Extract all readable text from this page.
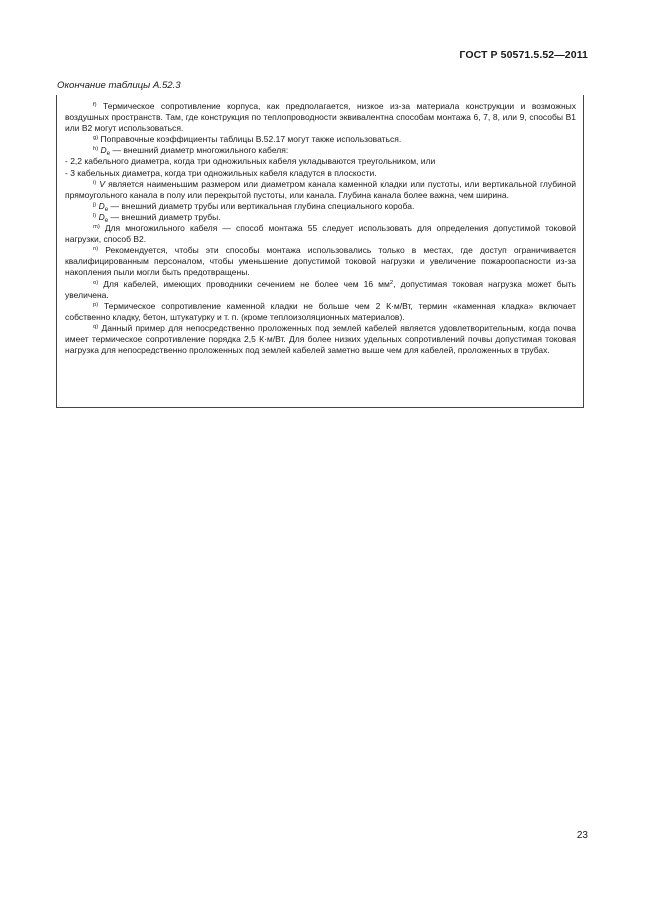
ГОСТ Р 50571.5.52—2011
Окончание таблицы А.52.3

$^{f)}$ Термическое сопротивление корпуса, как предполагается, низкое из-за материала конструкции и возможных воздушных пространств. Там, где конструкция по теплопроводности эквивалентна способам монтажа 6, 7, 8, или 9, способы В1 или В2 могут использоваться.

$^{g)}$ Поправочные коэффициенты таблицы В.52.17 могут также использоваться.

$^{h)}$ $D_e$ — внешний диаметр многожильного кабеля:

- 2,2 кабельного диаметра, когда три одножильных кабеля укладываются треугольником, или

- 3 кабельных диаметра, когда три одножильных кабеля кладутся в плоскости.

$^{i)}$ V является наименьшим размером или диаметром канала каменной кладки или пустоты, или вертикальной глубиной прямоугольного канала в полу или перекрытой пустоты, или канала. Глубина канала более важна, чем ширина.

$^{j)}$ $D_e$ — внешний диаметр трубы или вертикальная глубина специального короба.

$^{l)}$ $D_e$ — внешний диаметр трубы.

$^{m)}$ Для многожильного кабеля — способ монтажа 55 следует использовать для определения допустимой токовой нагрузки, способ В2.

$^{n)}$ Рекомендуется, чтобы эти способы монтажа использовались только в местах, где доступ ограничивается квалифицированным персоналом, чтобы уменьшение допустимой токовой нагрузки и увеличение пожароопасности из-за накопления пыли могли быть предотвращены.

$^{o)}$ Для кабелей, имеющих проводники сечением не более чем 16 $мм^2$, допустимая токовая нагрузка может быть увеличена.

$^{p)}$ Термическое сопротивление каменной кладки не больше чем 2 К·м/Вт, термин «каменная кладка» включает собственно кладку, бетон, штукатурку и т. п. (кроме теплоизоляционных материалов).

$^{q)}$ Данный пример для непосредственно проложенных под землей кабелей является удовлетворительным, когда почва имеет термическое сопротивление порядка 2,5 К·м/Вт. Для более низких удельных сопротивлений почвы допустимая токовая нагрузка для непосредственно проложенных под землей кабелей заметно выше чем для кабелей, проложенных в трубах.

23
